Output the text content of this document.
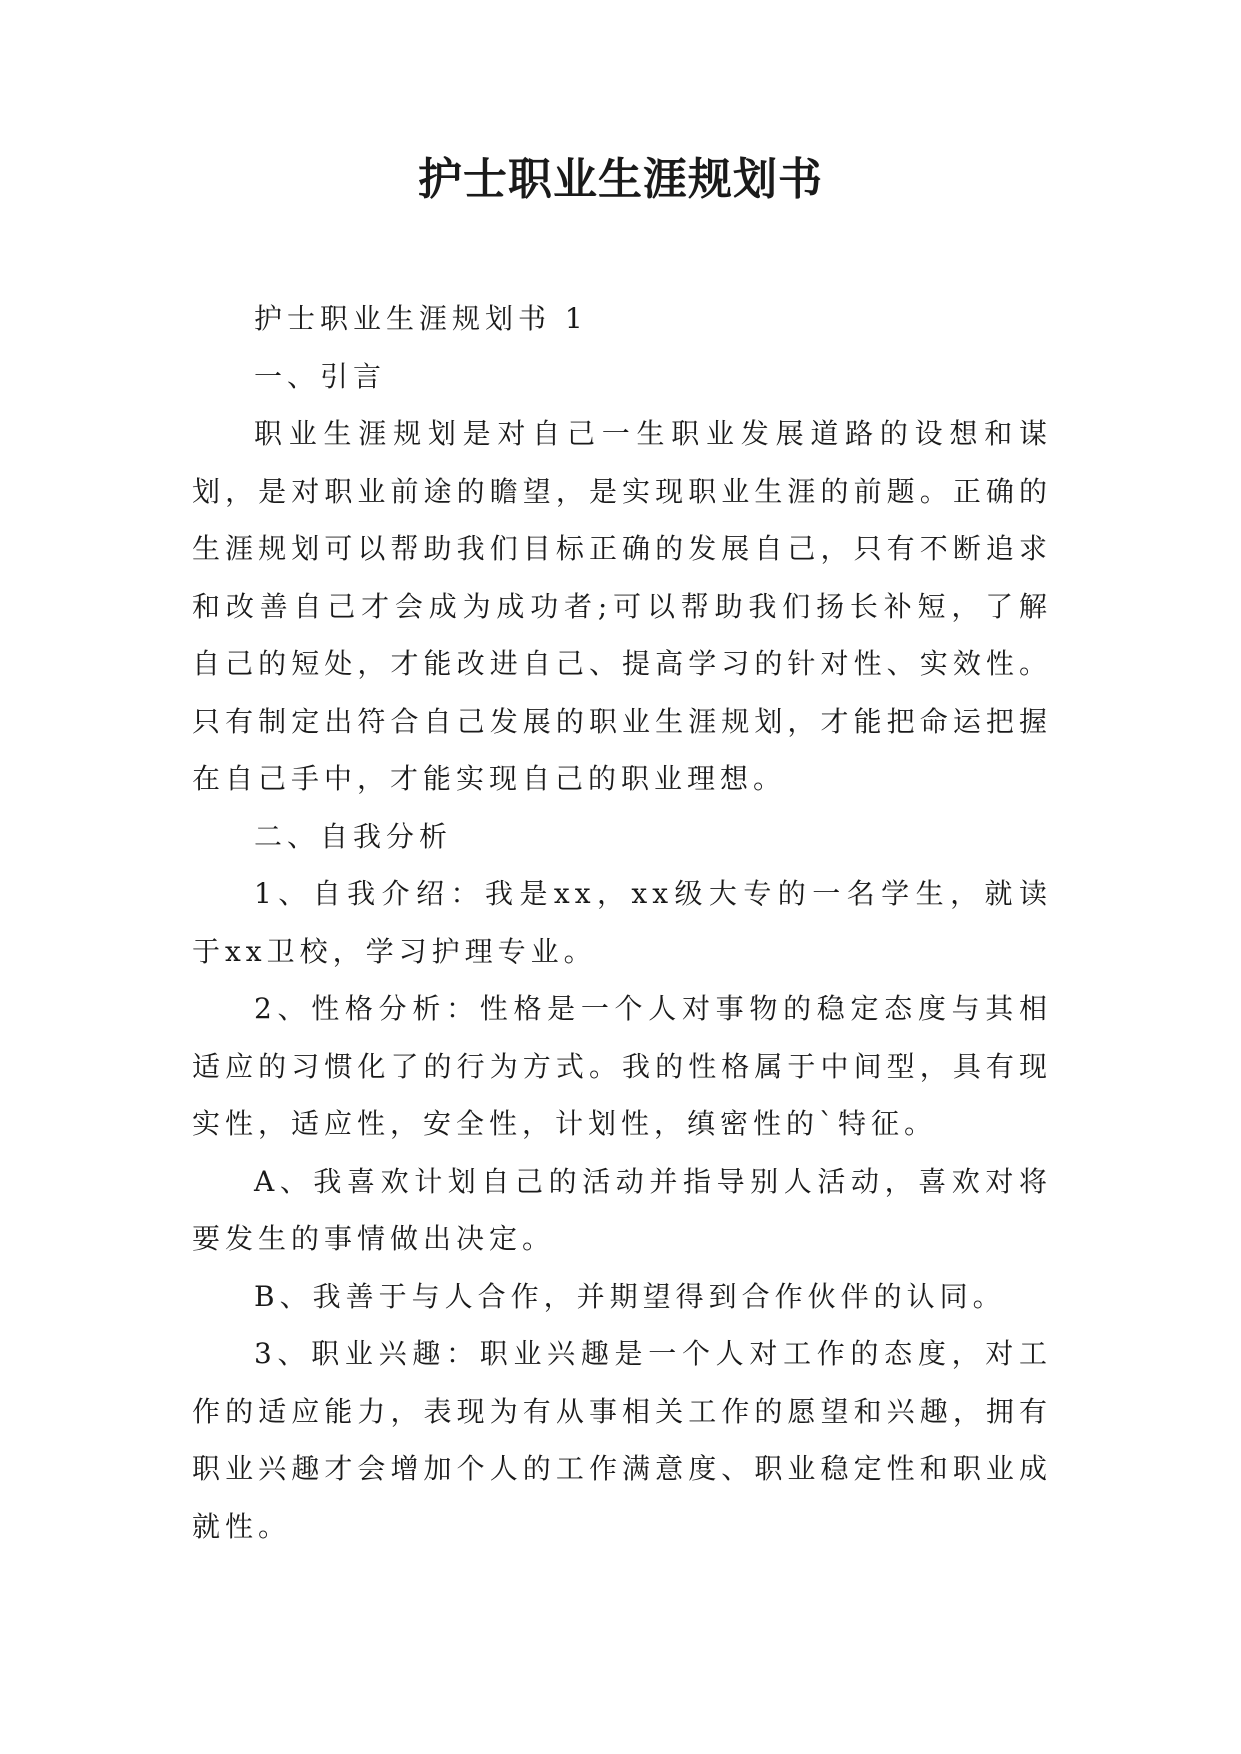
护士职业生涯规划书

护士职业生涯规划书 1

一、引言

职业生涯规划是对自己一生职业发展道路的设想和谋划，是对职业前途的瞻望，是实现职业生涯的前题。正确的生涯规划可以帮助我们目标正确的发展自己，只有不断追求和改善自己才会成为成功者;可以帮助我们扬长补短，了解自己的短处，才能改进自己、提高学习的针对性、实效性。只有制定出符合自己发展的职业生涯规划，才能把命运把握在自己手中，才能实现自己的职业理想。

二、自我分析

1、自我介绍：我是xx，xx级大专的一名学生，就读于xx卫校，学习护理专业。

2、性格分析：性格是一个人对事物的稳定态度与其相适应的习惯化了的行为方式。我的性格属于中间型，具有现实性，适应性，安全性，计划性，缜密性的`特征。

A、我喜欢计划自己的活动并指导别人活动，喜欢对将要发生的事情做出决定。

B、我善于与人合作，并期望得到合作伙伴的认同。

3、职业兴趣：职业兴趣是一个人对工作的态度，对工作的适应能力，表现为有从事相关工作的愿望和兴趣，拥有职业兴趣才会增加个人的工作满意度、职业稳定性和职业成就性。
